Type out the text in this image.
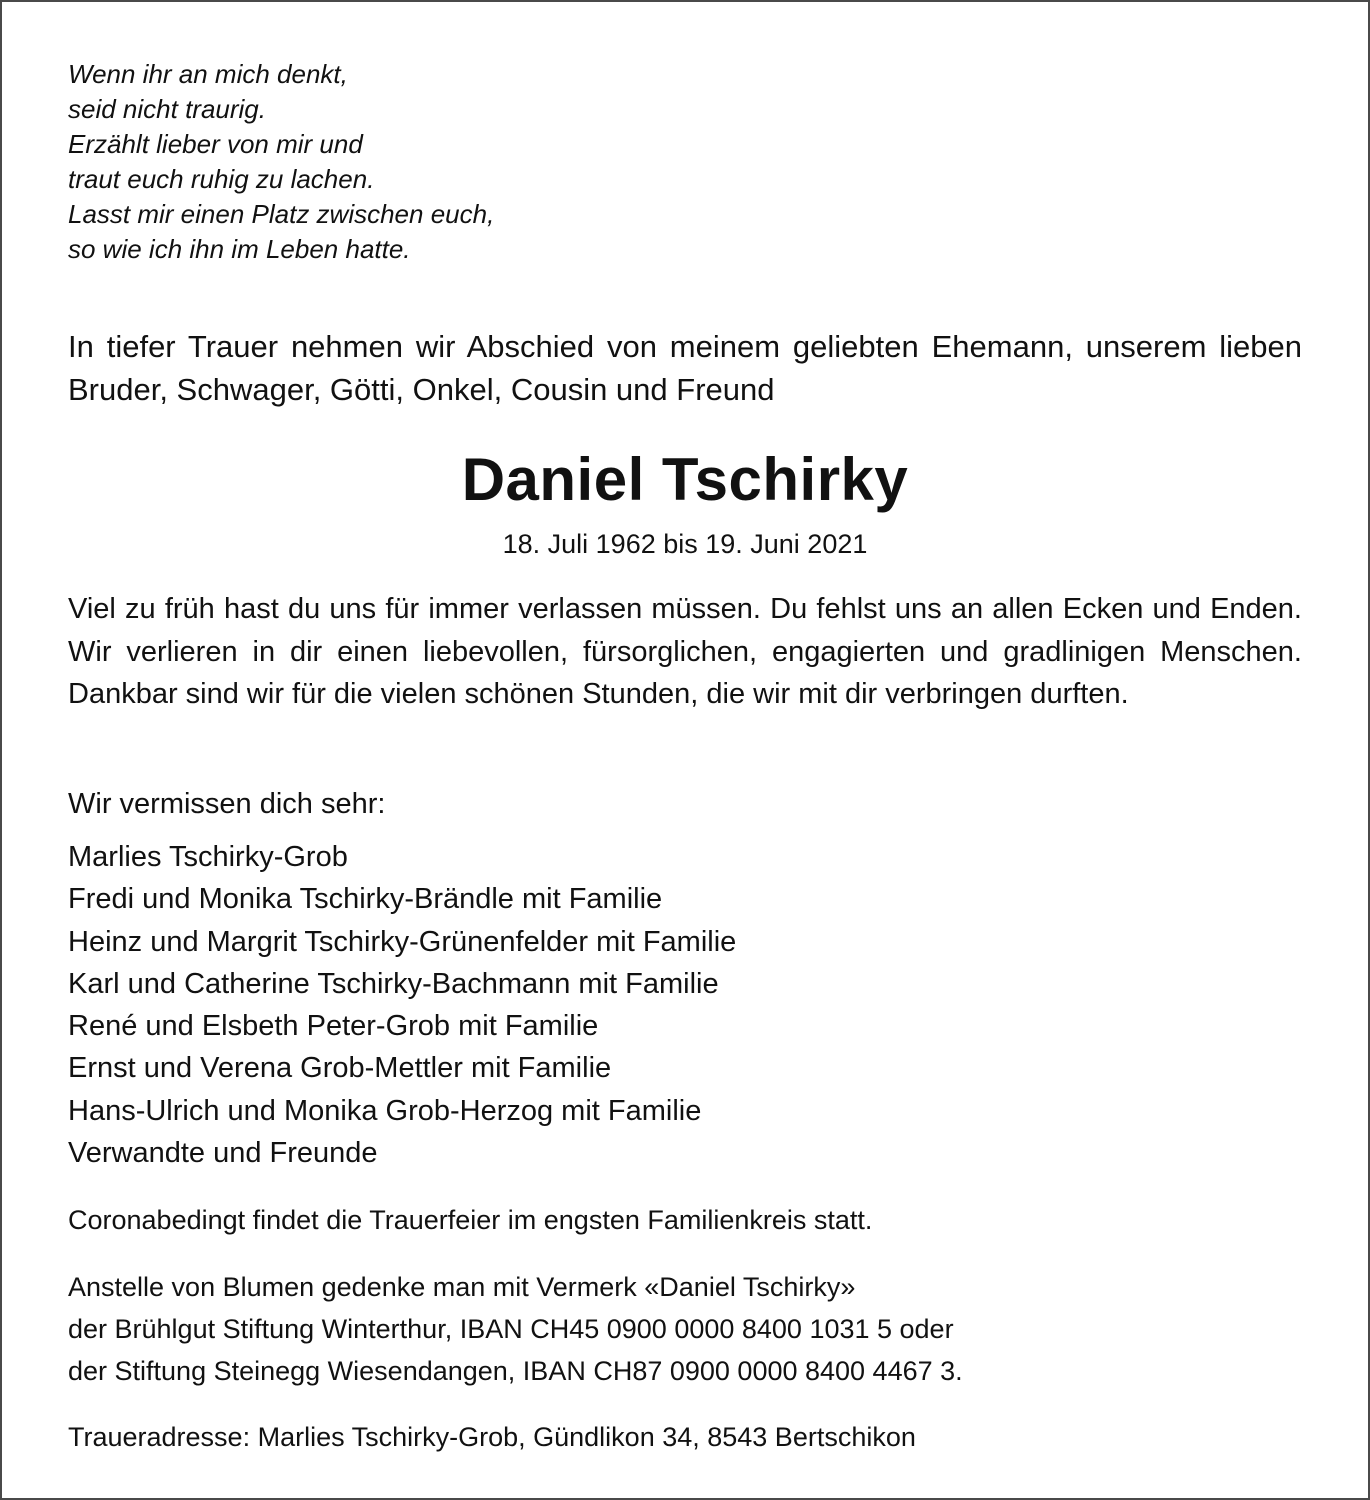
Wenn ihr an mich denkt,
seid nicht traurig.
Erzählt lieber von mir und
traut euch ruhig zu lachen.
Lasst mir einen Platz zwischen euch,
so wie ich ihn im Leben hatte.
In tiefer Trauer nehmen wir Abschied von meinem geliebten Ehemann, unserem lieben Bruder, Schwager, Götti, Onkel, Cousin und Freund
Daniel Tschirky
18. Juli 1962 bis 19. Juni 2021
Viel zu früh hast du uns für immer verlassen müssen. Du fehlst uns an allen Ecken und Enden. Wir verlieren in dir einen liebevollen, fürsorglichen, engagierten und gradlinigen Menschen. Dankbar sind wir für die vielen schönen Stunden, die wir mit dir verbringen durften.
Wir vermissen dich sehr:
Marlies Tschirky-Grob
Fredi und Monika Tschirky-Brändle mit Familie
Heinz und Margrit Tschirky-Grünenfelder mit Familie
Karl und Catherine Tschirky-Bachmann mit Familie
René und Elsbeth Peter-Grob mit Familie
Ernst und Verena Grob-Mettler mit Familie
Hans-Ulrich und Monika Grob-Herzog mit Familie
Verwandte und Freunde
Coronabedingt findet die Trauerfeier im engsten Familienkreis statt.
Anstelle von Blumen gedenke man mit Vermerk «Daniel Tschirky»
der Brühlgut Stiftung Winterthur, IBAN CH45 0900 0000 8400 1031 5 oder
der Stiftung Steinegg Wiesendangen, IBAN CH87 0900 0000 8400 4467 3.
Traueradresse: Marlies Tschirky-Grob, Gündlikon 34, 8543 Bertschikon
